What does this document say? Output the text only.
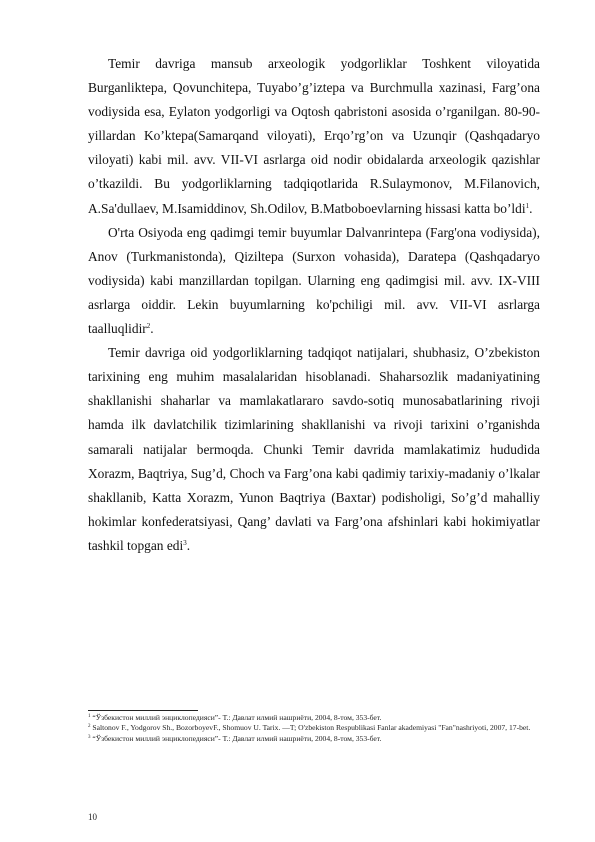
Temir davriga mansub arxeologik yodgorliklar Toshkent viloyatida Burganliktepa, Qovunchitepa, Tuyabo’g’iztepa va Burchmulla xazinasi, Farg’ona vodiysida esa, Eylaton yodgorligi va Oqtosh qabristoni asosida o’rganilgan. 80-90-yillardan Ko’ktepa(Samarqand viloyati), Erqo’rg’on va Uzunqir (Qashqadaryo viloyati) kabi mil. avv. VII-VI asrlarga oid nodir obidalarda arxeologik qazishlar o’tkazildi. Bu yodgorliklarning tadqiqotlarida R.Sulaymonov, M.Filanovich, A.Sa'dullaev, M.Isamiddinov, Sh.Odilov, B.Matboboevlarning hissasi katta bo’ldi$^1$.

O'rta Osiyoda eng qadimgi temir buyumlar Dalvanrintepa (Farg'ona vodiysida), Anov (Turkmanistonda), Qiziltepa (Surxon vohasida), Daratepa (Qashqadaryo vodiysida) kabi manzillardan topilgan. Ularning eng qadimgisi mil. avv. IX-VIII asrlarga oiddir. Lekin buyumlarning ko'pchiligi mil. avv. VII-VI asrlarga taalluqlidir$^2$.

Temir davriga oid yodgorliklarning tadqiqot natijalari, shubhasiz, O’zbekiston tarixining eng muhim masalalaridan hisoblanadi. Shaharsozlik madaniyatining shakllanishi shaharlar va mamlakatlararo savdo-sotiq munosabatlarining rivoji hamda ilk davlatchilik tizimlarining shakllanishi va rivoji tarixini o’rganishda samarali natijalar bermoqda. Chunki Temir davrida mamlakatimiz hududida Xorazm, Baqtriya, Sug’d, Choch va Farg’ona kabi qadimiy tarixiy-madaniy o’lkalar shakllanib, Katta Xorazm, Yunon Baqtriya (Baxtar) podisholigi, So’g’d mahalliy hokimlar konfederatsiyasi, Qang’ davlati va Farg’ona afshinlari kabi hokimiyatlar tashkil topgan edi$^3$.

$^1$ “Ўзбекистон миллий энциклопедияси”- Т.: Давлат илмий нашриёти, 2004, 8-том, 353-бет.

$^2$ Saltonov F., Yodgorov Sh., BozorboyevF., Shomuov U. Tarix. —T; O'zbekiston Respublikasi Fanlar akademiyasi "Fan"nashriyoti, 2007, 17-bet.

$^3$ “Ўзбекистон миллий энциклопедияси”- Т.: Давлат илмий нашриёти, 2004, 8-том, 353-бет.

10
